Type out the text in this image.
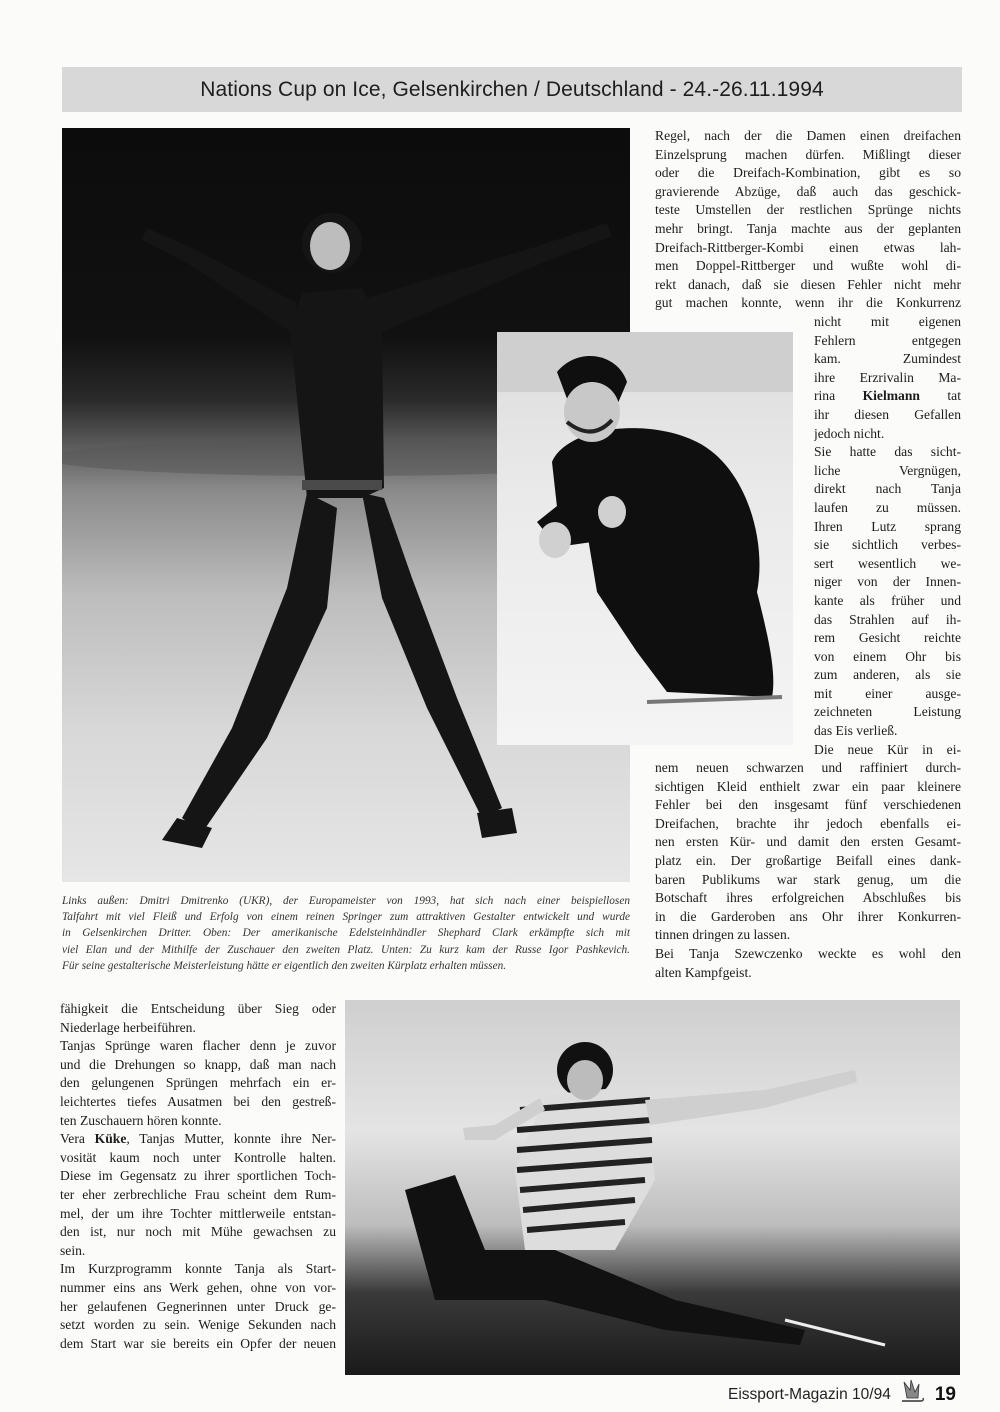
Nations Cup on Ice, Gelsenkirchen / Deutschland - 24.-26.11.1994
Links außen: Dmitri Dmitrenko (UKR), der Europameister von 1993, hat sich nach einer beispiellosen
Talfahrt mit viel Fleiß und Erfolg von einem reinen Springer zum attraktiven Gestalter entwickelt und wurde
in Gelsenkirchen Dritter. Oben: Der amerikanische Edelsteinhändler Shephard Clark erkämpfte sich mit
viel Elan und der Mithilfe der Zuschauer den zweiten Platz. Unten: Zu kurz kam der Russe Igor Pashkevich.
Für seine gestalterische Meisterleistung hätte er eigentlich den zweiten Kürplatz erhalten müssen.
Regel, nach der die Damen einen dreifachen
Einzelsprung machen dürfen. Mißlingt dieser
oder die Dreifach-Kombination, gibt es so
gravierende Abzüge, daß auch das geschick-
teste Umstellen der restlichen Sprünge nichts
mehr bringt. Tanja machte aus der geplanten
Dreifach-Rittberger-Kombi einen etwas lah-
men Doppel-Rittberger und wußte wohl di-
rekt danach, daß sie diesen Fehler nicht mehr
gut machen konnte, wenn ihr die Konkurrenz
nicht mit eigenen
Fehlern entgegen
kam. Zumindest
ihre Erzrivalin Ma-
rina Kielmann tat
ihr diesen Gefallen
jedoch nicht.
Sie hatte das sicht-
liche Vergnügen,
direkt nach Tanja
laufen zu müssen.
Ihren Lutz sprang
sie sichtlich verbes-
sert wesentlich we-
niger von der Innen-
kante als früher und
das Strahlen auf ih-
rem Gesicht reichte
von einem Ohr bis
zum anderen, als sie
mit einer ausge-
zeichneten Leistung
das Eis verließ.
Die neue Kür in ei-
nem neuen schwarzen und raffiniert durch-
sichtigen Kleid enthielt zwar ein paar kleinere
Fehler bei den insgesamt fünf verschiedenen
Dreifachen, brachte ihr jedoch ebenfalls ei-
nen ersten Kür- und damit den ersten Gesamt-
platz ein. Der großartige Beifall eines dank-
baren Publikums war stark genug, um die
Botschaft ihres erfolgreichen Abschlußes bis
in die Garderoben ans Ohr ihrer Konkurren-
tinnen dringen zu lassen.
Bei Tanja Szewczenko weckte es wohl den
alten Kampfgeist.
fähigkeit die Entscheidung über Sieg oder
Niederlage herbeiführen.
Tanjas Sprünge waren flacher denn je zuvor
und die Drehungen so knapp, daß man nach
den gelungenen Sprüngen mehrfach ein er-
leichtertes tiefes Ausatmen bei den gestreß-
ten Zuschauern hören konnte.
Vera Küke, Tanjas Mutter, konnte ihre Ner-
vosität kaum noch unter Kontrolle halten.
Diese im Gegensatz zu ihrer sportlichen Toch-
ter eher zerbrechliche Frau scheint dem Rum-
mel, der um ihre Tochter mittlerweile entstan-
den ist, nur noch mit Mühe gewachsen zu
sein.
Im Kurzprogramm konnte Tanja als Start-
nummer eins ans Werk gehen, ohne von vor-
her gelaufenen Gegnerinnen unter Druck ge-
setzt worden zu sein. Wenige Sekunden nach
dem Start war sie bereits ein Opfer der neuen
Eissport-Magazin 10/94 19
